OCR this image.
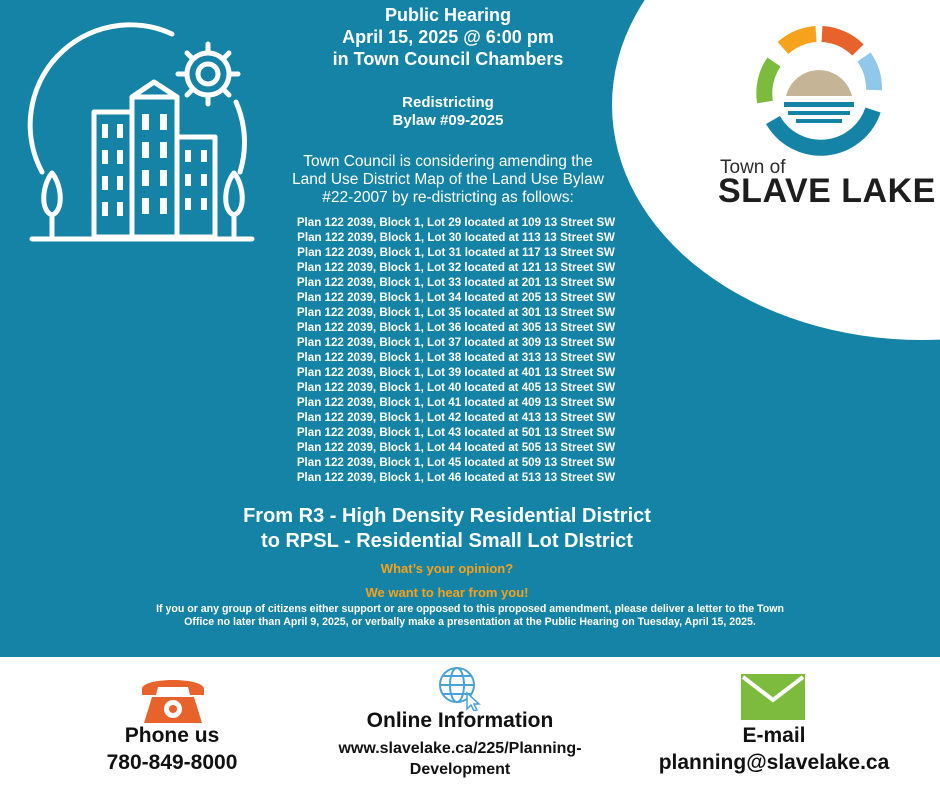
Public Hearing
April 15, 2025 @ 6:00 pm
in Town Council Chambers
Redistricting
Bylaw #09-2025
Town Council is considering amending the
Land Use District Map of the Land Use Bylaw
#22-2007 by re-districting as follows:
Plan 122 2039, Block 1, Lot 29 located at 109 13 Street SW
Plan 122 2039, Block 1, Lot 30 located at 113 13 Street SW
Plan 122 2039, Block 1, Lot 31 located at 117 13 Street SW
Plan 122 2039, Block 1, Lot 32 located at 121 13 Street SW
Plan 122 2039, Block 1, Lot 33 located at 201 13 Street SW
Plan 122 2039, Block 1, Lot 34 located at 205 13 Street SW
Plan 122 2039, Block 1, Lot 35 located at 301 13 Street SW
Plan 122 2039, Block 1, Lot 36 located at 305 13 Street SW
Plan 122 2039, Block 1, Lot 37 located at 309 13 Street SW
Plan 122 2039, Block 1, Lot 38 located at 313 13 Street SW
Plan 122 2039, Block 1, Lot 39 located at 401 13 Street SW
Plan 122 2039, Block 1, Lot 40 located at 405 13 Street SW
Plan 122 2039, Block 1, Lot 41 located at 409 13 Street SW
Plan 122 2039, Block 1, Lot 42 located at 413 13 Street SW
Plan 122 2039, Block 1, Lot 43 located at 501 13 Street SW
Plan 122 2039, Block 1, Lot 44 located at 505 13 Street SW
Plan 122 2039, Block 1, Lot 45 located at 509 13 Street SW
Plan 122 2039, Block 1, Lot 46 located at 513 13 Street SW
From R3 - High Density Residential District
to RPSL - Residential Small Lot DIstrict
What’s your opinion?
We want to hear from you!
If you or any group of citizens either support or are opposed to this proposed amendment, please deliver a letter to the Town Office no later than April 9, 2025, or verbally make a presentation at the Public Hearing on Tuesday, April 15, 2025.
Town of
SLAVE LAKE
Phone us
780-849-8000
Online Information
www.slavelake.ca/225/Planning-
Development
E-mail
planning@slavelake.ca
